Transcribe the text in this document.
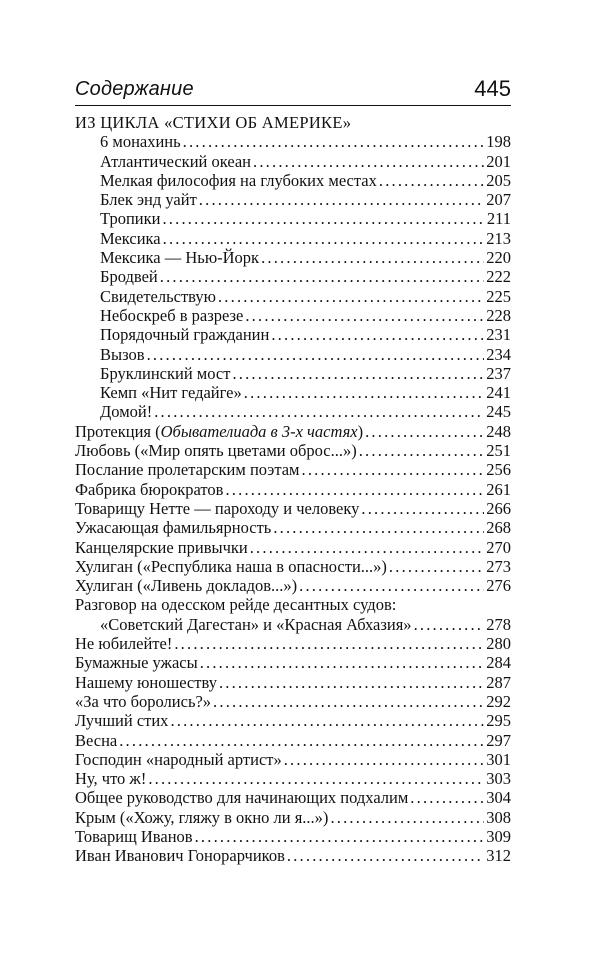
Содержание	445
ИЗ ЦИКЛА «СТИХИ ОБ АМЕРИКЕ»
6 монахинь .....	198
Атлантический океан .....	201
Мелкая философия на глубоких местах .....	205
Блек энд уайт .....	207
Тропики .....	211
Мексика .....	213
Мексика — Нью-Йорк .....	220
Бродвей .....	222
Свидетельствую .....	225
Небоскреб в разрезе .....	228
Порядочный гражданин .....	231
Вызов .....	234
Бруклинский мост .....	237
Кемп «Нит гедайге» .....	241
Домой! .....	245
Протекция (Обывателиада в 3-х частях) .....	248
Любовь («Мир опять цветами оброс...») .....	251
Послание пролетарским поэтам .....	256
Фабрика бюрократов .....	261
Товарищу Нетте — пароходу и человеку .....	266
Ужасающая фамильярность .....	268
Канцелярские привычки .....	270
Хулиган («Республика наша в опасности...») .....	273
Хулиган («Ливень докладов...») .....	276
Разговор на одесском рейде десантных судов:
«Советский Дагестан» и «Красная Абхазия» .....	278
Не юбилейте! .....	280
Бумажные ужасы .....	284
Нашему юношеству .....	287
«За что боролись?» .....	292
Лучший стих .....	295
Весна .....	297
Господин «народный артист» .....	301
Ну, что ж! .....	303
Общее руководство для начинающих подхалим .....	304
Крым («Хожу, гляжу в окно ли я...») .....	308
Товарищ Иванов .....	309
Иван Иванович Гонорарчиков .....	312
